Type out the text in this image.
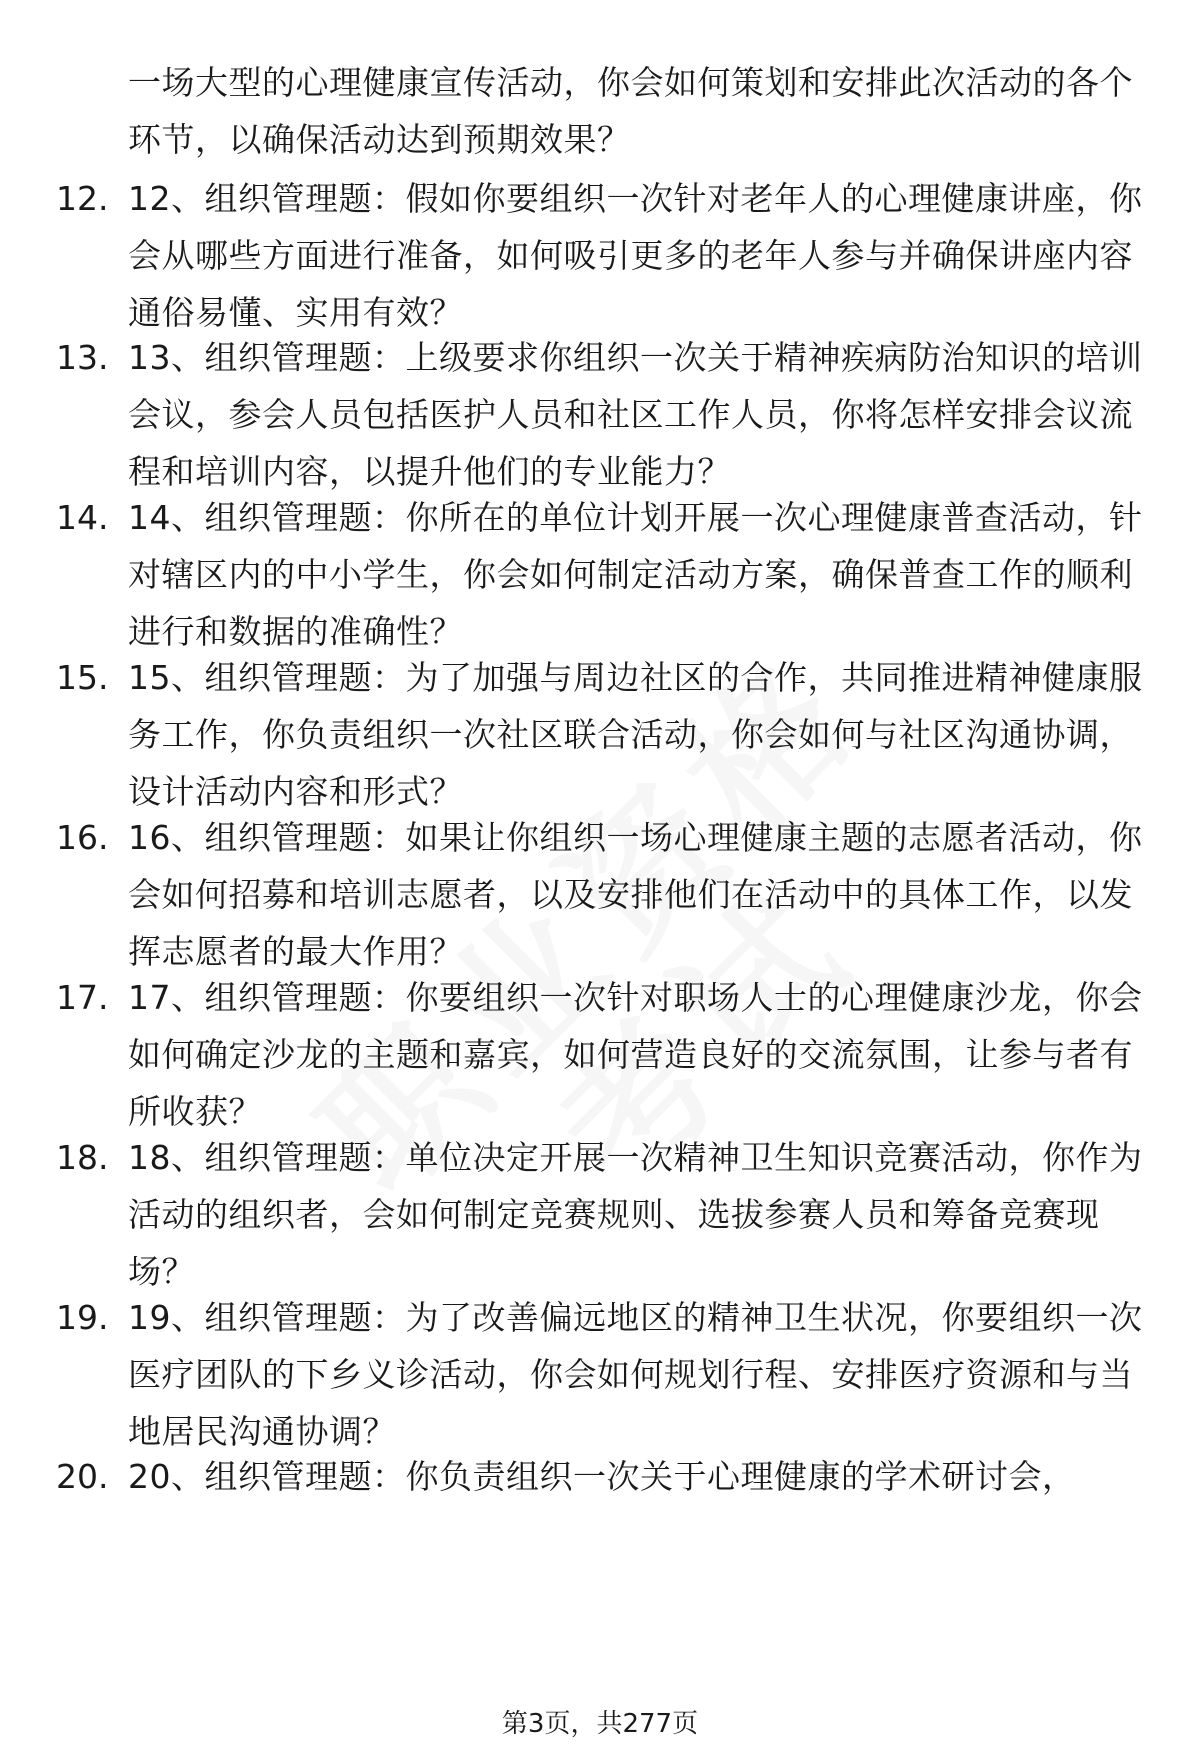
一场大型的心理健康宣传活动，你会如何策划和安排此次活动的各个环节，以确保活动达到预期效果？
12. 12、组织管理题：假如你要组织一次针对老年人的心理健康讲座，你会从哪些方面进行准备，如何吸引更多的老年人参与并确保讲座内容通俗易懂、实用有效？
13. 13、组织管理题：上级要求你组织一次关于精神疾病防治知识的培训会议，参会人员包括医护人员和社区工作人员，你将怎样安排会议流程和培训内容，以提升他们的专业能力？
14. 14、组织管理题：你所在的单位计划开展一次心理健康普查活动，针对辖区内的中小学生，你会如何制定活动方案，确保普查工作的顺利进行和数据的准确性？
15. 15、组织管理题：为了加强与周边社区的合作，共同推进精神健康服务工作，你负责组织一次社区联合活动，你会如何与社区沟通协调，设计活动内容和形式？
16. 16、组织管理题：如果让你组织一场心理健康主题的志愿者活动，你会如何招募和培训志愿者，以及安排他们在活动中的具体工作，以发挥志愿者的最大作用？
17. 17、组织管理题：你要组织一次针对职场人士的心理健康沙龙，你会如何确定沙龙的主题和嘉宾，如何营造良好的交流氛围，让参与者有所收获？
18. 18、组织管理题：单位决定开展一次精神卫生知识竞赛活动，你作为活动的组织者，会如何制定竞赛规则、选拔参赛人员和筹备竞赛现场？
19. 19、组织管理题：为了改善偏远地区的精神卫生状况，你要组织一次医疗团队的下乡义诊活动，你会如何规划行程、安排医疗资源和与当地居民沟通协调？
20. 20、组织管理题：你负责组织一次关于心理健康的学术研讨会，
第3页，共277页
